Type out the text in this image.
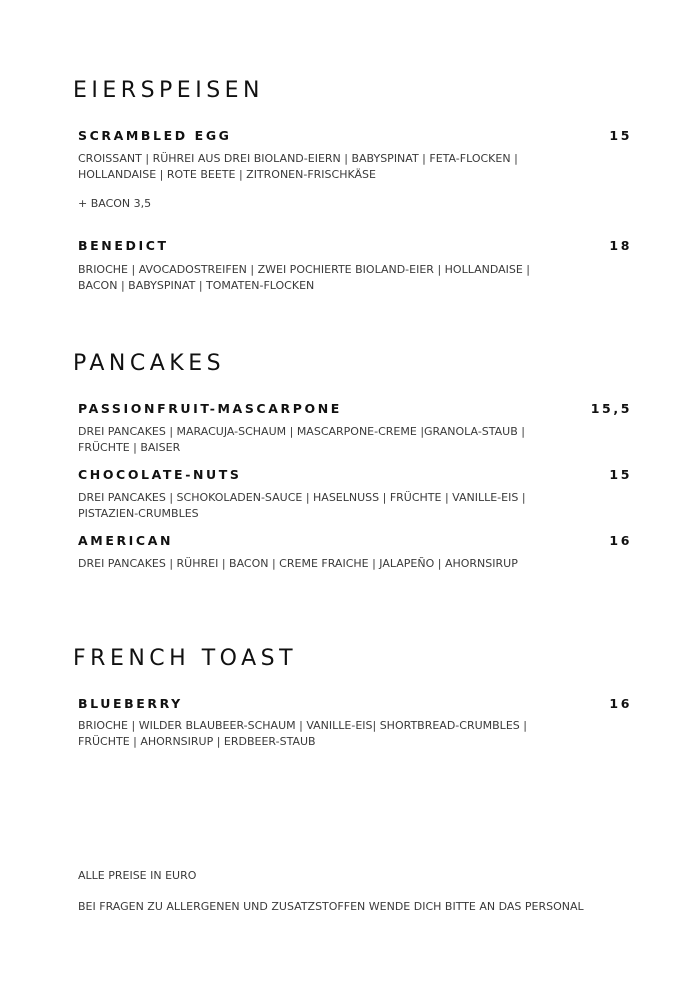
EIERSPEISEN
SCRAMBLED EGG	15
CROISSANT | RÜHREI AUS DREI BIOLAND-EIERN | BABYSPINAT | FETA-FLOCKEN |
HOLLANDAISE | ROTE BEETE | ZITRONEN-FRISCHKÄSE
+ BACON 3,5
BENEDICT	18
BRIOCHE | AVOCADOSTREIFEN | ZWEI POCHIERTE BIOLAND-EIER | HOLLANDAISE |
BACON | BABYSPINAT | TOMATEN-FLOCKEN
PANCAKES
PASSIONFRUIT-MASCARPONE	15,5
DREI PANCAKES | MARACUJA-SCHAUM | MASCARPONE-CREME |GRANOLA-STAUB |
FRÜCHTE | BAISER
CHOCOLATE-NUTS	15
DREI PANCAKES | SCHOKOLADEN-SAUCE | HASELNUSS | FRÜCHTE | VANILLE-EIS |
PISTAZIEN-CRUMBLES
AMERICAN	16
DREI PANCAKES | RÜHREI | BACON | CREME FRAICHE | JALAPEÑO | AHORNSIRUP
FRENCH TOAST
BLUEBERRY	16
BRIOCHE | WILDER BLAUBEER-SCHAUM | VANILLE-EIS| SHORTBREAD-CRUMBLES |
FRÜCHTE | AHORNSIRUP | ERDBEER-STAUB
ALLE PREISE IN EURO
BEI FRAGEN ZU ALLERGENEN UND ZUSATZSTOFFEN WENDE DICH BITTE AN DAS PERSONAL
